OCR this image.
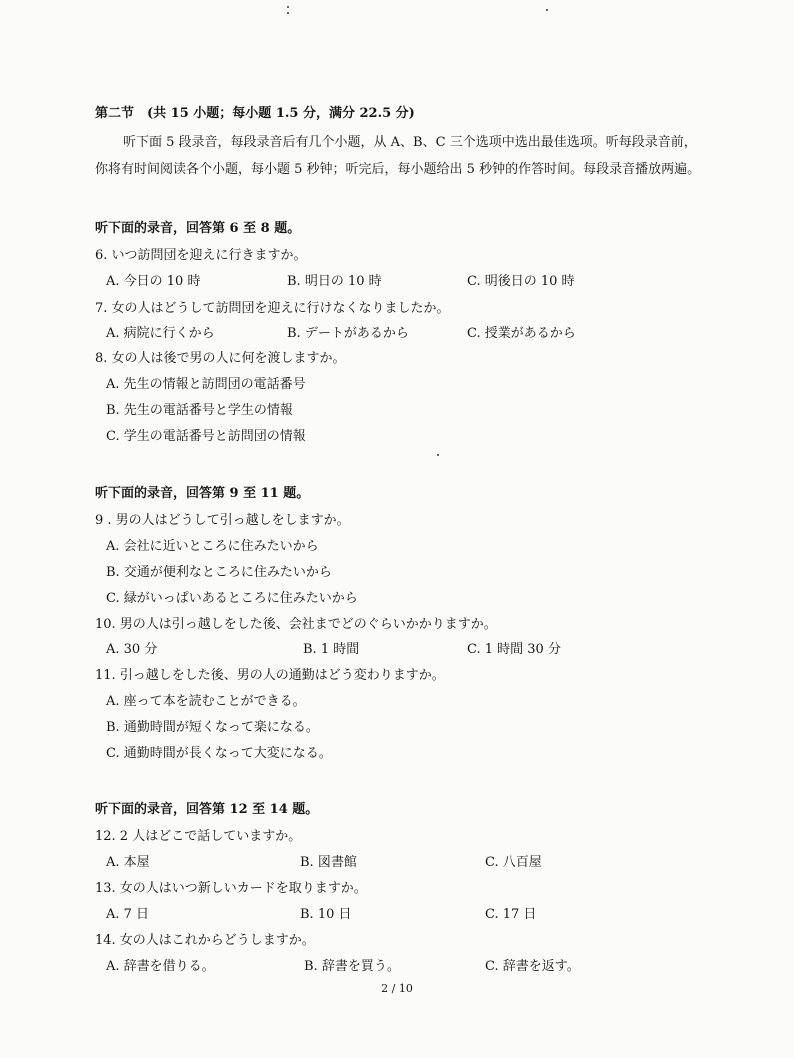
第二节　(共 15 小题；每小题 1.5 分，满分 22.5 分)
听下面 5 段录音，每段录音后有几个小题，从 A、B、C 三个选项中选出最佳选项。听每段录音前，
你将有时间阅读各个小题，每小题 5 秒钟；听完后，每小题给出 5 秒钟的作答时间。每段录音播放两遍。
听下面的录音，回答第 6 至 8 题。
6. いつ訪問団を迎えに行きますか。
A. 今日の 10 時	B. 明日の 10 時	C. 明後日の 10 時
7. 女の人はどうして訪問団を迎えに行けなくなりましたか。
A. 病院に行くから	B. デートがあるから	C. 授業があるから
8. 女の人は後で男の人に何を渡しますか。
A. 先生の情報と訪問団の電話番号
B. 先生の電話番号と学生の情報
C. 学生の電話番号と訪問団の情報
听下面的录音，回答第 9 至 11 题。
9 . 男の人はどうして引っ越しをしますか。
A. 会社に近いところに住みたいから
B. 交通が便利なところに住みたいから
C. 緑がいっぱいあるところに住みたいから
10. 男の人は引っ越しをした後、会社までどのぐらいかかりますか。
A. 30 分	B. 1 時間	C. 1 時間 30 分
11. 引っ越しをした後、男の人の通勤はどう変わりますか。
A. 座って本を読むことができる。
B. 通勤時間が短くなって楽になる。
C. 通勤時間が長くなって大変になる。
听下面的录音，回答第 12 至 14 题。
12. 2 人はどこで話していますか。
A. 本屋	B. 図書館	C. 八百屋
13. 女の人はいつ新しいカードを取りますか。
A. 7 日	B. 10 日	C. 17 日
14. 女の人はこれからどうしますか。
A. 辞書を借りる。	B. 辞書を買う。	C. 辞書を返す。
2 / 10
